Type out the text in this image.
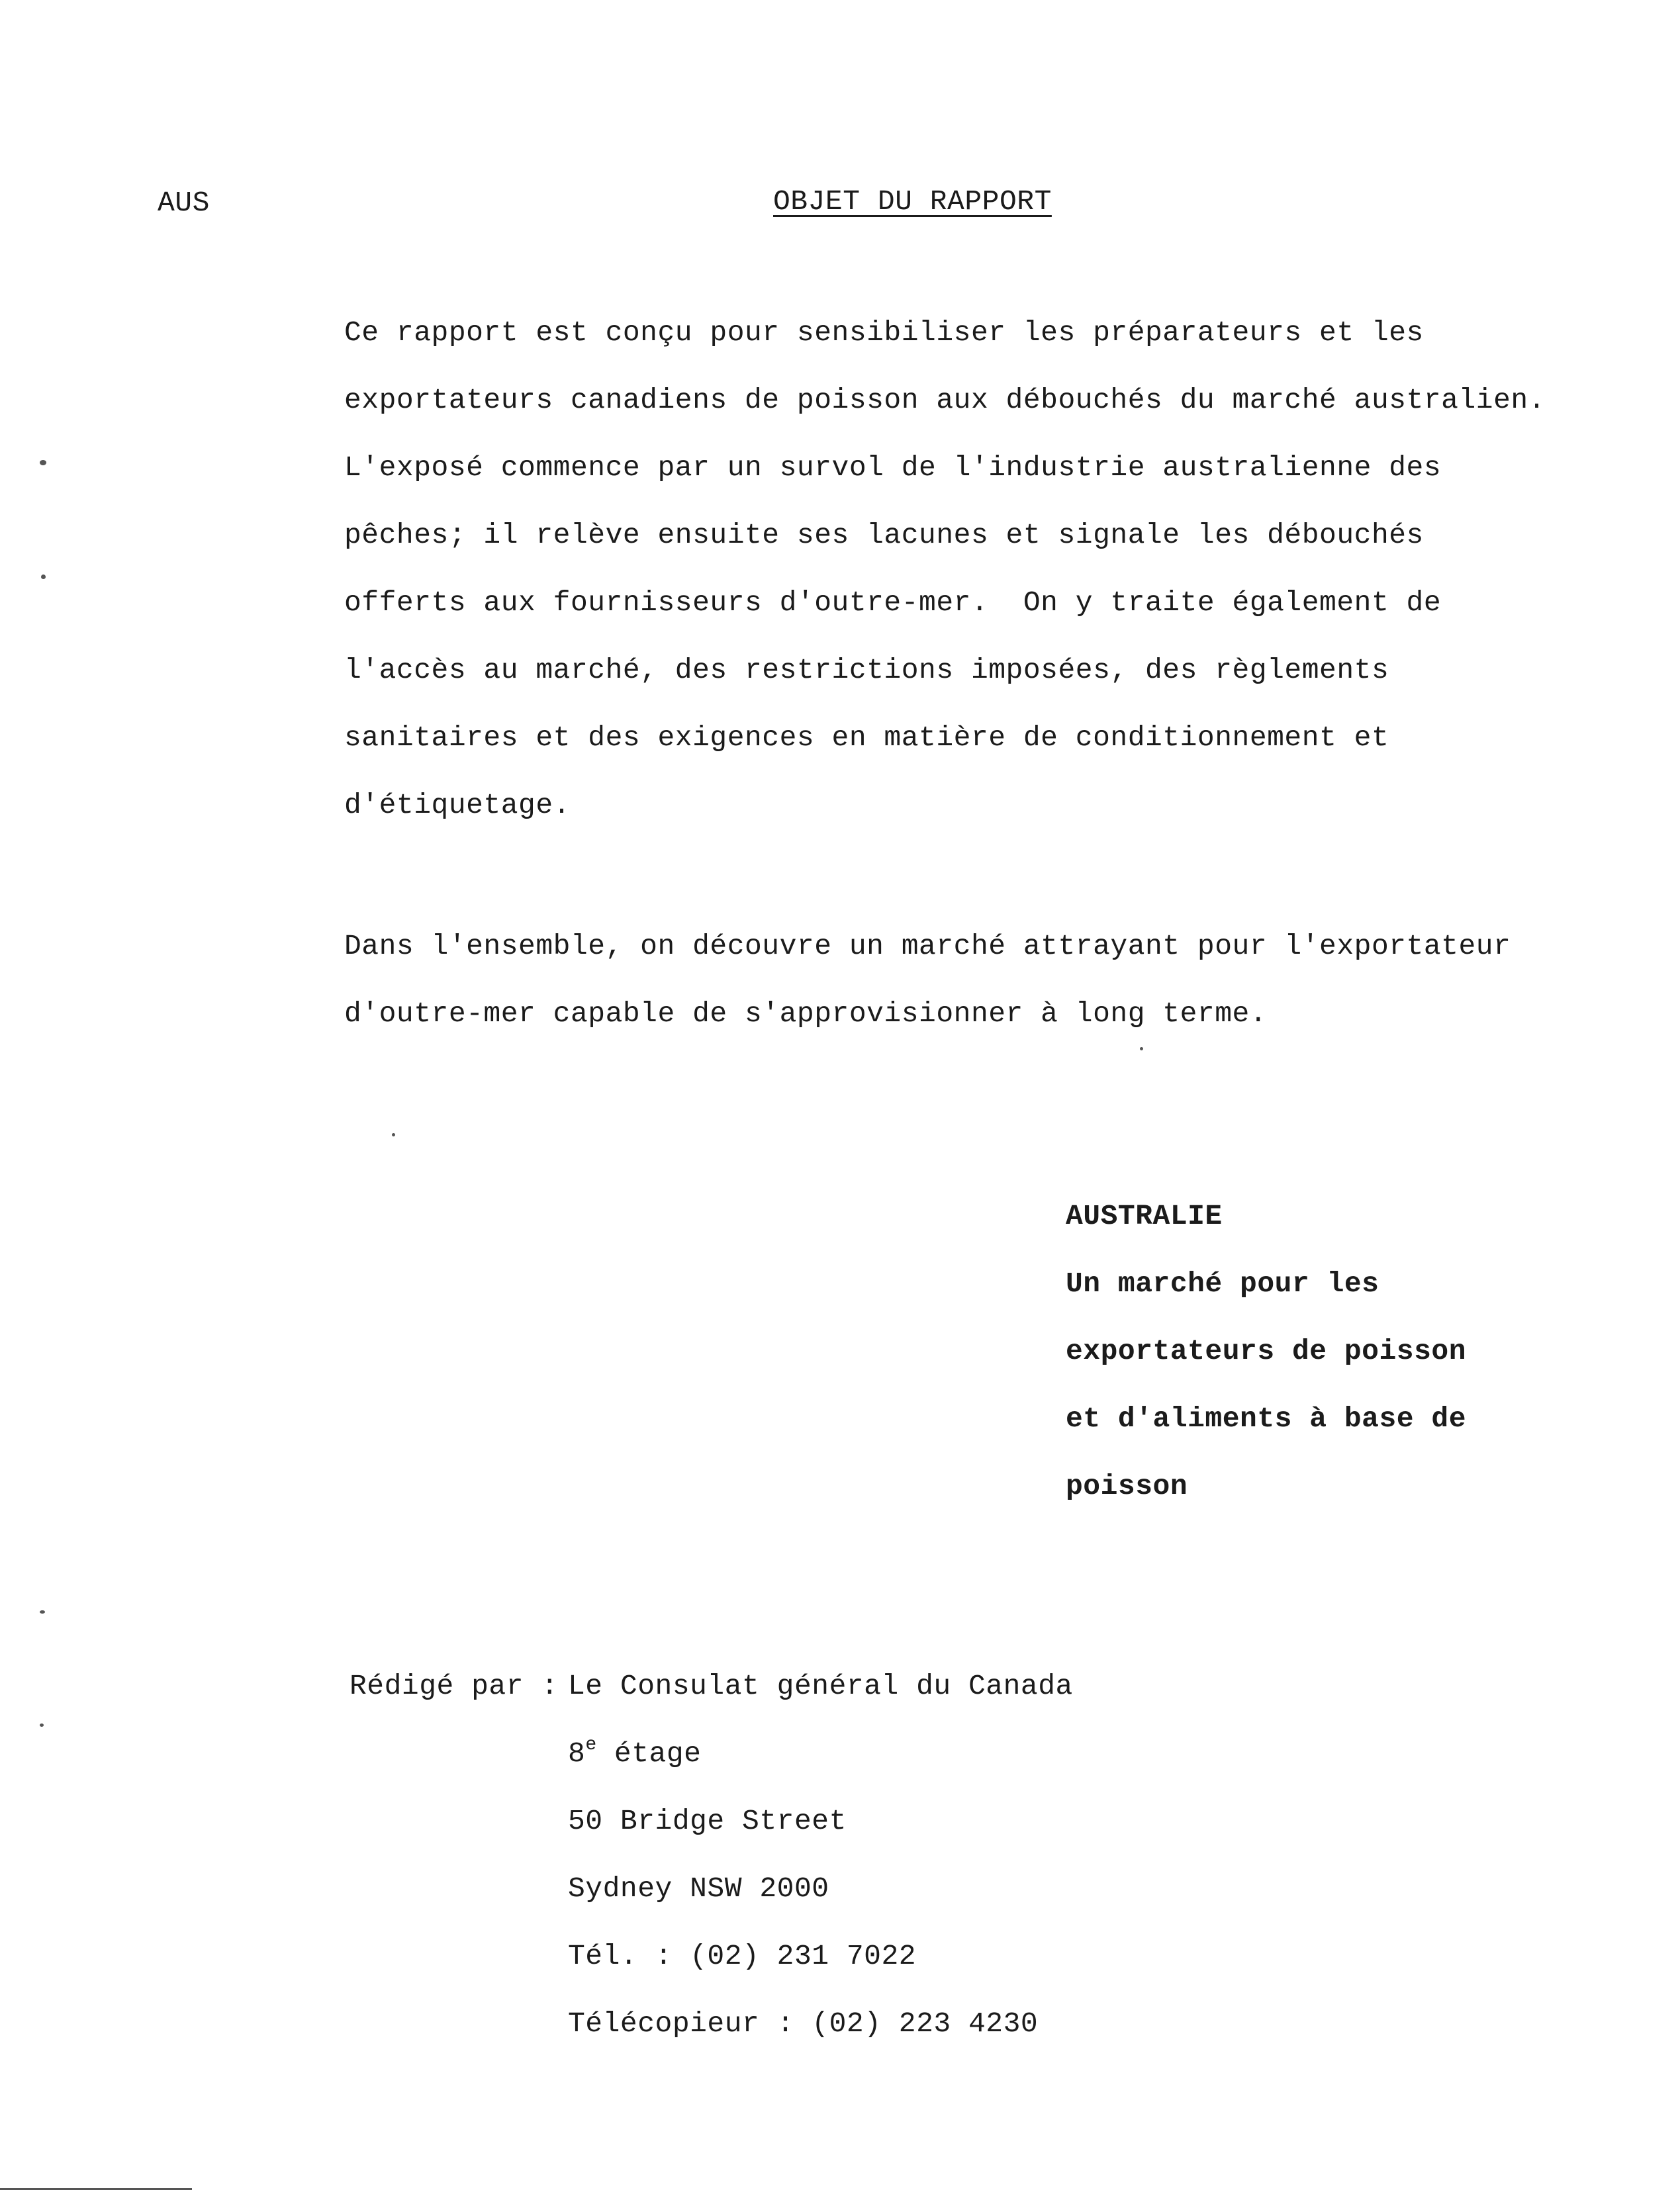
AUS	OBJET DU RAPPORT
Ce rapport est conçu pour sensibiliser les préparateurs et les
exportateurs canadiens de poisson aux débouchés du marché australien.
L'exposé commence par un survol de l'industrie australienne des
pêches; il relève ensuite ses lacunes et signale les débouchés
offerts aux fournisseurs d'outre-mer.  On y traite également de
l'accès au marché, des restrictions imposées, des règlements
sanitaires et des exigences en matière de conditionnement et
d'étiquetage.
Dans l'ensemble, on découvre un marché attrayant pour l'exportateur
d'outre-mer capable de s'approvisionner à long terme.
AUSTRALIE
Un marché pour les
exportateurs de poisson
et d'aliments à base de
poisson
Rédigé par : Le Consulat général du Canada
8e étage
50 Bridge Street
Sydney NSW 2000
Tél. : (02) 231 7022
Télécopieur : (02) 223 4230
